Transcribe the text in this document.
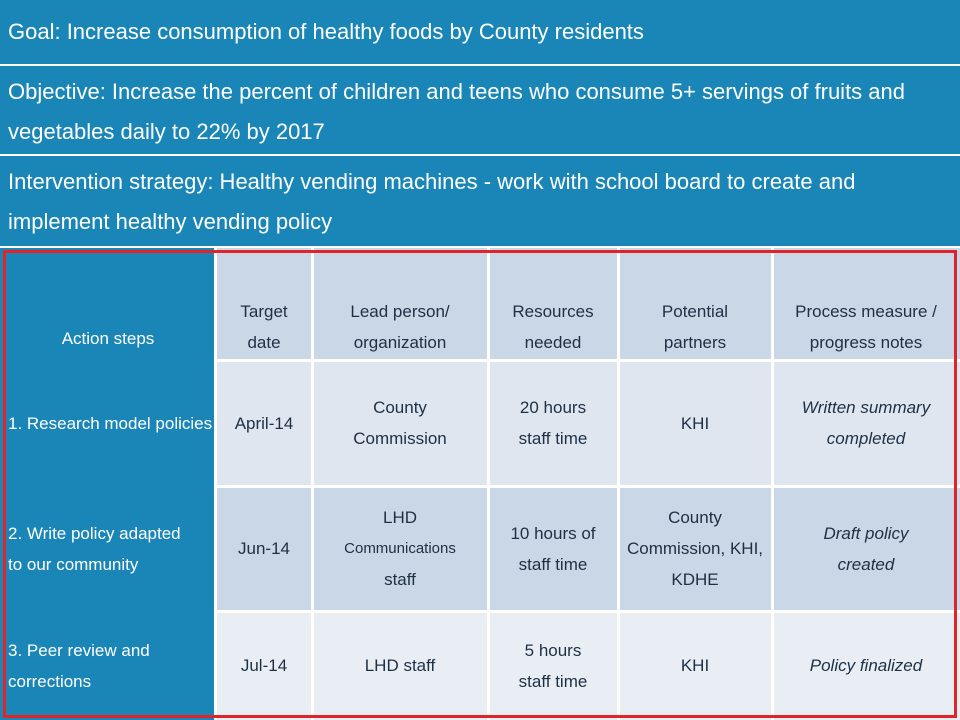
Goal: Increase consumption of healthy foods by County residents
Objective: Increase the percent of children and teens who consume 5+ servings of fruits and vegetables daily to 22% by 2017
Intervention strategy: Healthy vending machines - work with school board to create and implement healthy vending policy
Action steps
Target date
Lead person/ organization
Resources needed
Potential partners
Process measure / progress notes
1. Research model policies April-14
County Commission
20 hours staff time
KHI
Written summary completed
2. Write policy adapted to our community
Jun-14
LHD
Communications
staff
10 hours of staff time
County Commission, KHI, KDHE
Draft policy created
3. Peer review and corrections
Jul-14	LHD staff
5 hours staff time
KHI	Policy finalized
